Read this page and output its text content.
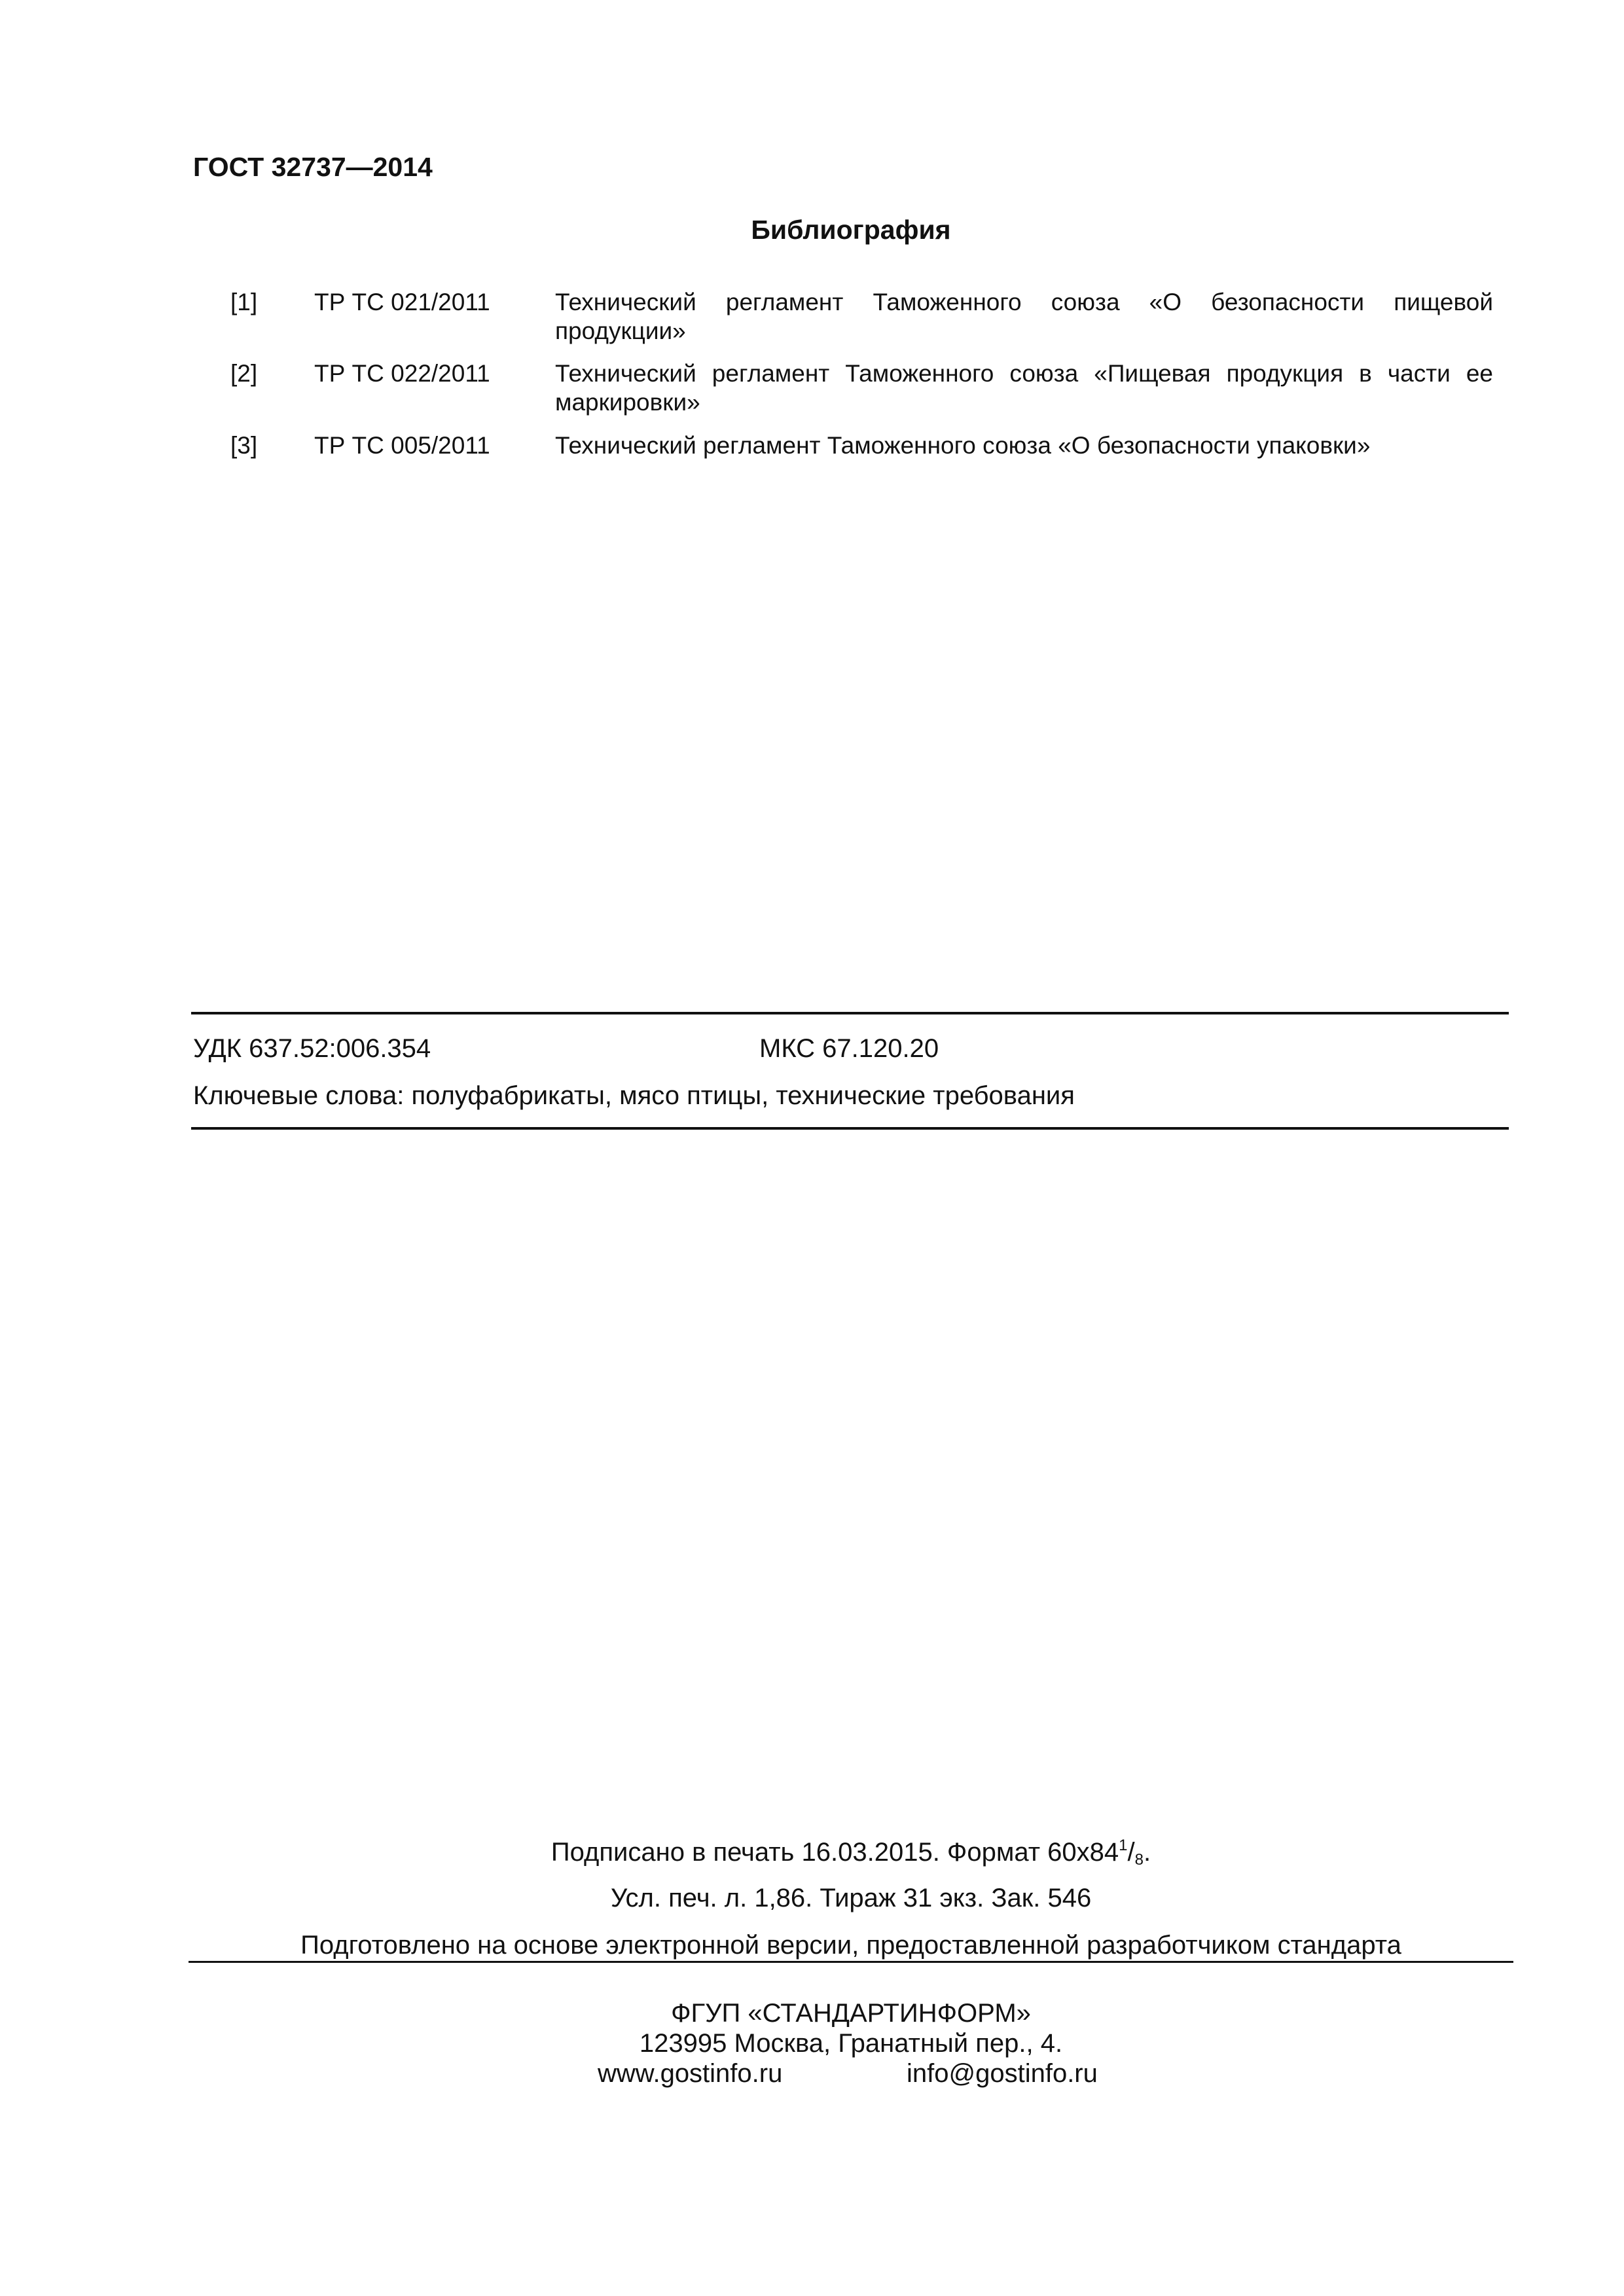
ГОСТ 32737—2014
Библиография
[1] ТР ТС 021/2011	Технический регламент Таможенного союза «О безопасности пищевой продукции»
[2] ТР ТС 022/2011	Технический регламент Таможенного союза «Пищевая продукция в части ее маркировки»
[3] ТР ТС 005/2011	Технический регламент Таможенного союза «О безопасности упаковки»
УДК 637.52:006.354	МКС 67.120.20
Ключевые слова: полуфабрикаты, мясо птицы, технические требования
Подписано в печать 16.03.2015. Формат $60х84^1/_8$.
Усл. печ. л. 1,86. Тираж 31 экз. Зак. 546
Подготовлено на основе электронной версии, предоставленной разработчиком стандарта
ФГУП «СТАНДАРТИНФОРМ»
123995 Москва, Гранатный пер., 4.
www.gostinfo.ru	info@gostinfo.ru
